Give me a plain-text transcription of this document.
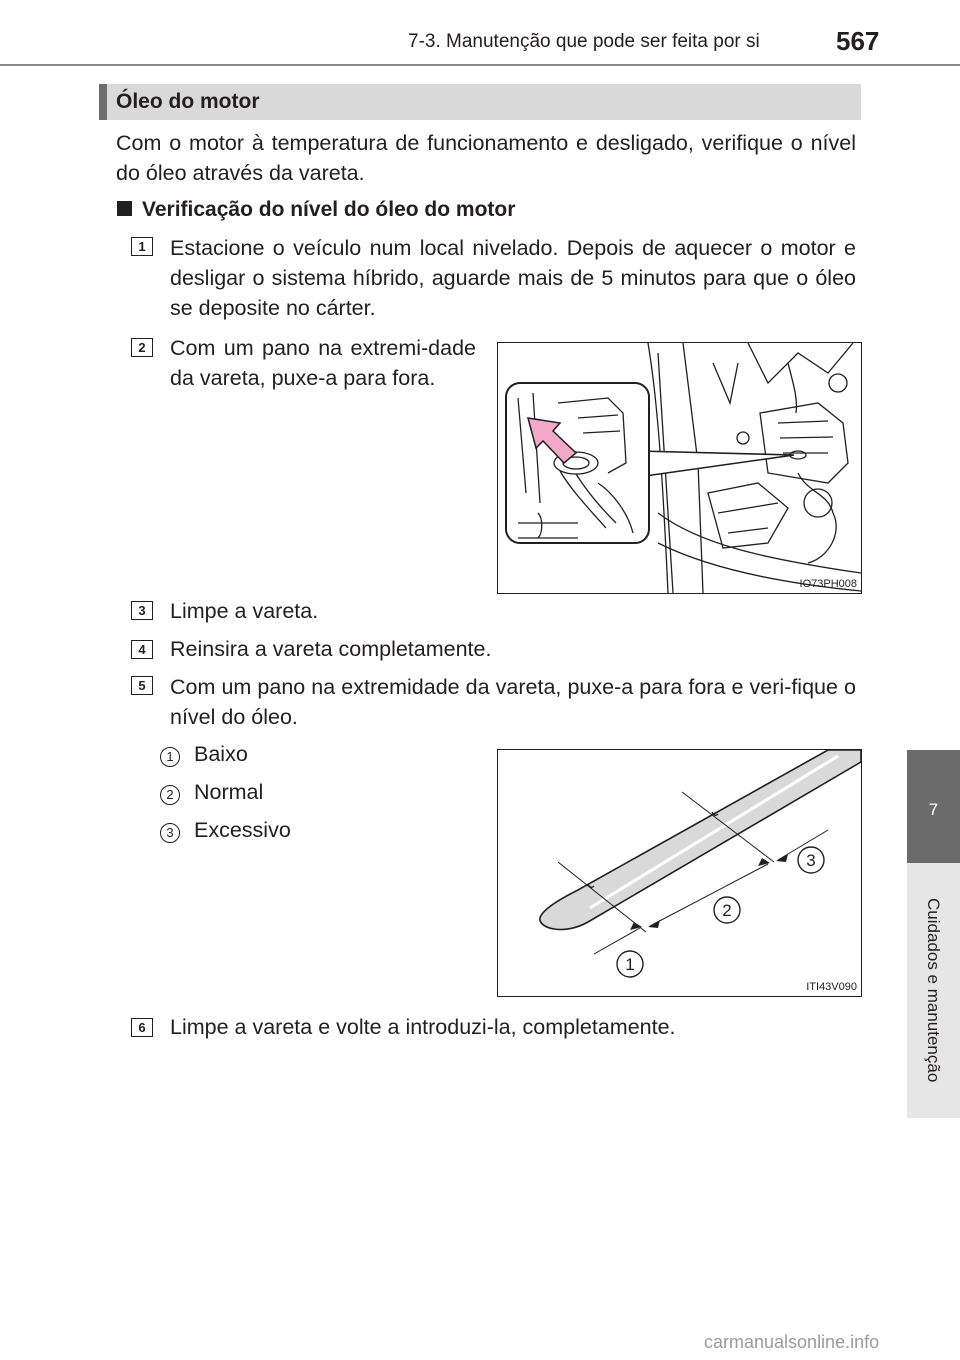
7-3. Manutenção que pode ser feita por si	567
7
Cuidados e manutenção
Óleo do motor

Com o motor à temperatura de funcionamento e desligado, verifique o nível do óleo através da vareta.

Verificação do nível do óleo do motor
1	Estacione o veículo num local nivelado. Depois de aquecer o motor e desligar o sistema híbrido, aguarde mais de 5 minutos para que o óleo se deposite no cárter.

2	Com um pano na extremi-dade da vareta, puxe-a para fora.

IO73PH008
3	Limpe a vareta.

4	Reinsira a vareta completamente.

5	Com um pano na extremidade da vareta, puxe-a para fora e veri-fique o nível do óleo.

1 Baixo
2 Normal
3 Excessivo
1
2
3
ITI43V090
6	Limpe a vareta e volte a introduzi-la, completamente.

carmanualsonline.info
